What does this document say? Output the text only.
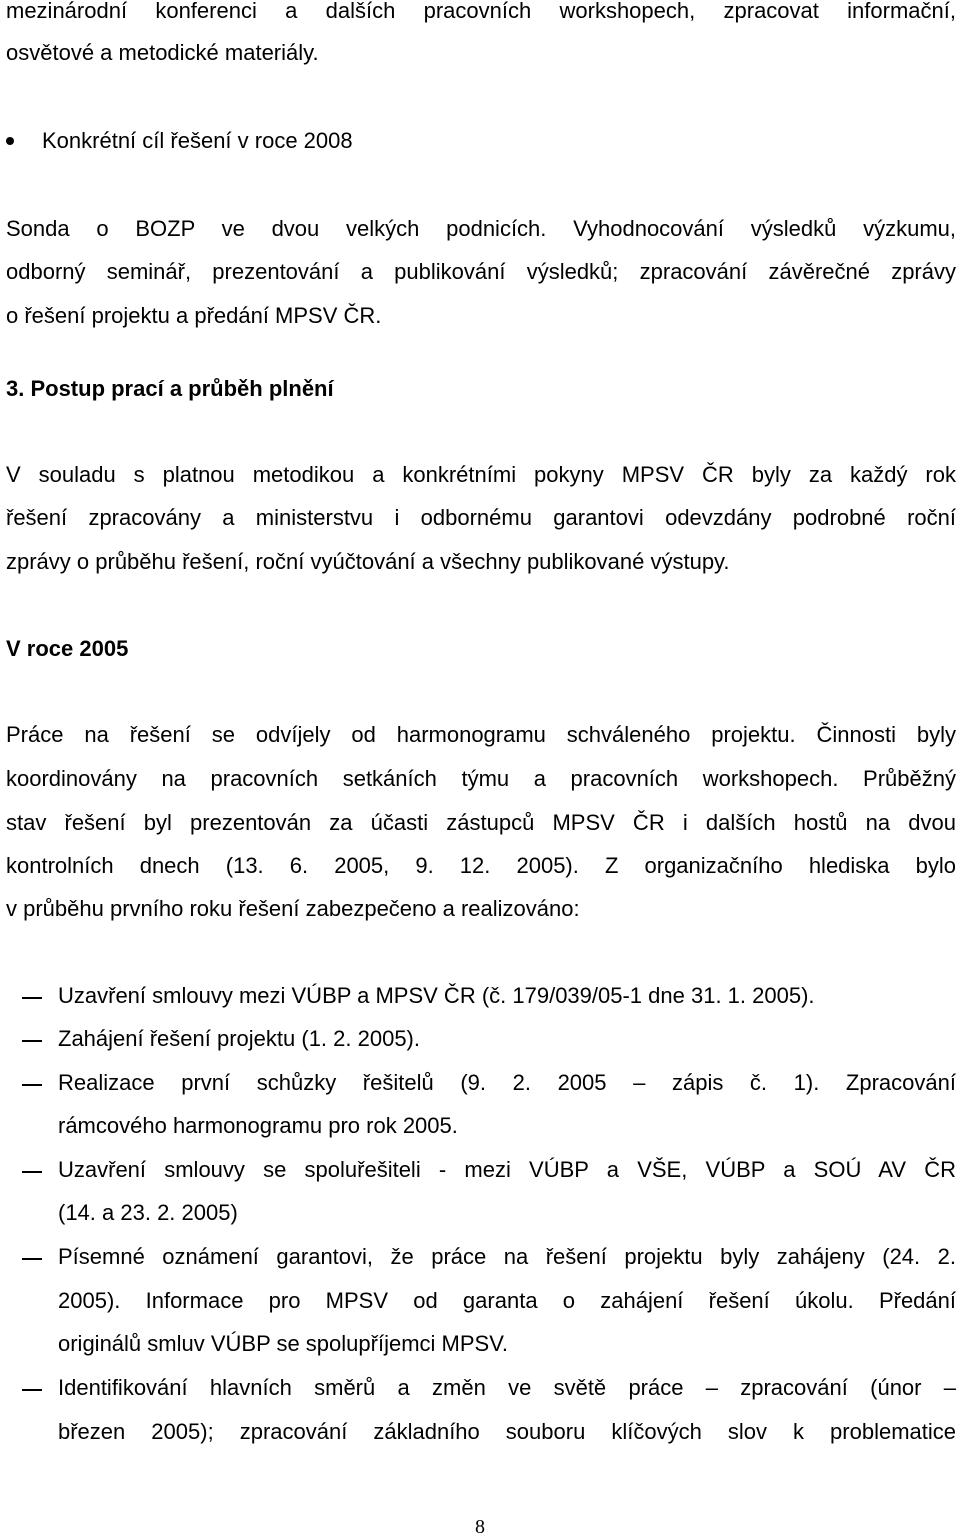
mezinárodní konferenci a dalších pracovních workshopech, zpracovat informační,
osvětové a metodické materiály.
Konkrétní cíl řešení v roce 2008
Sonda o BOZP ve dvou velkých podnicích. Vyhodnocování výsledků výzkumu,
odborný seminář, prezentování a publikování výsledků; zpracování závěrečné zprávy
o řešení projektu a předání MPSV ČR.
3. Postup prací a průběh plnění
V souladu s platnou metodikou a konkrétními pokyny MPSV ČR byly za každý rok
řešení zpracovány a ministerstvu i odbornému garantovi odevzdány podrobné roční
zprávy o průběhu řešení, roční vyúčtování a všechny publikované výstupy.
V roce 2005
Práce na řešení se odvíjely od harmonogramu schváleného projektu. Činnosti byly
koordinovány na pracovních setkáních týmu a pracovních workshopech. Průběžný
stav řešení byl prezentován za účasti zástupců MPSV ČR i dalších hostů na dvou
kontrolních dnech (13. 6. 2005, 9. 12. 2005). Z organizačního hlediska bylo
v průběhu prvního roku řešení zabezpečeno a realizováno:
Uzavření smlouvy mezi VÚBP a MPSV ČR (č. 179/039/05-1 dne 31. 1. 2005).
Zahájení řešení projektu (1. 2. 2005).
Realizace první schůzky řešitelů (9. 2. 2005 – zápis č. 1). Zpracování
rámcového harmonogramu pro rok 2005.
Uzavření smlouvy se spoluřešiteli - mezi VÚBP a VŠE, VÚBP a SOÚ AV ČR
(14. a 23. 2. 2005)
Písemné oznámení garantovi, že práce na řešení projektu byly zahájeny (24. 2.
2005). Informace pro MPSV od garanta o zahájení řešení úkolu. Předání
originálů smluv VÚBP se spolupříjemci MPSV.
Identifikování hlavních směrů a změn ve světě práce – zpracování (únor –
březen 2005); zpracování základního souboru klíčových slov k problematice
8
